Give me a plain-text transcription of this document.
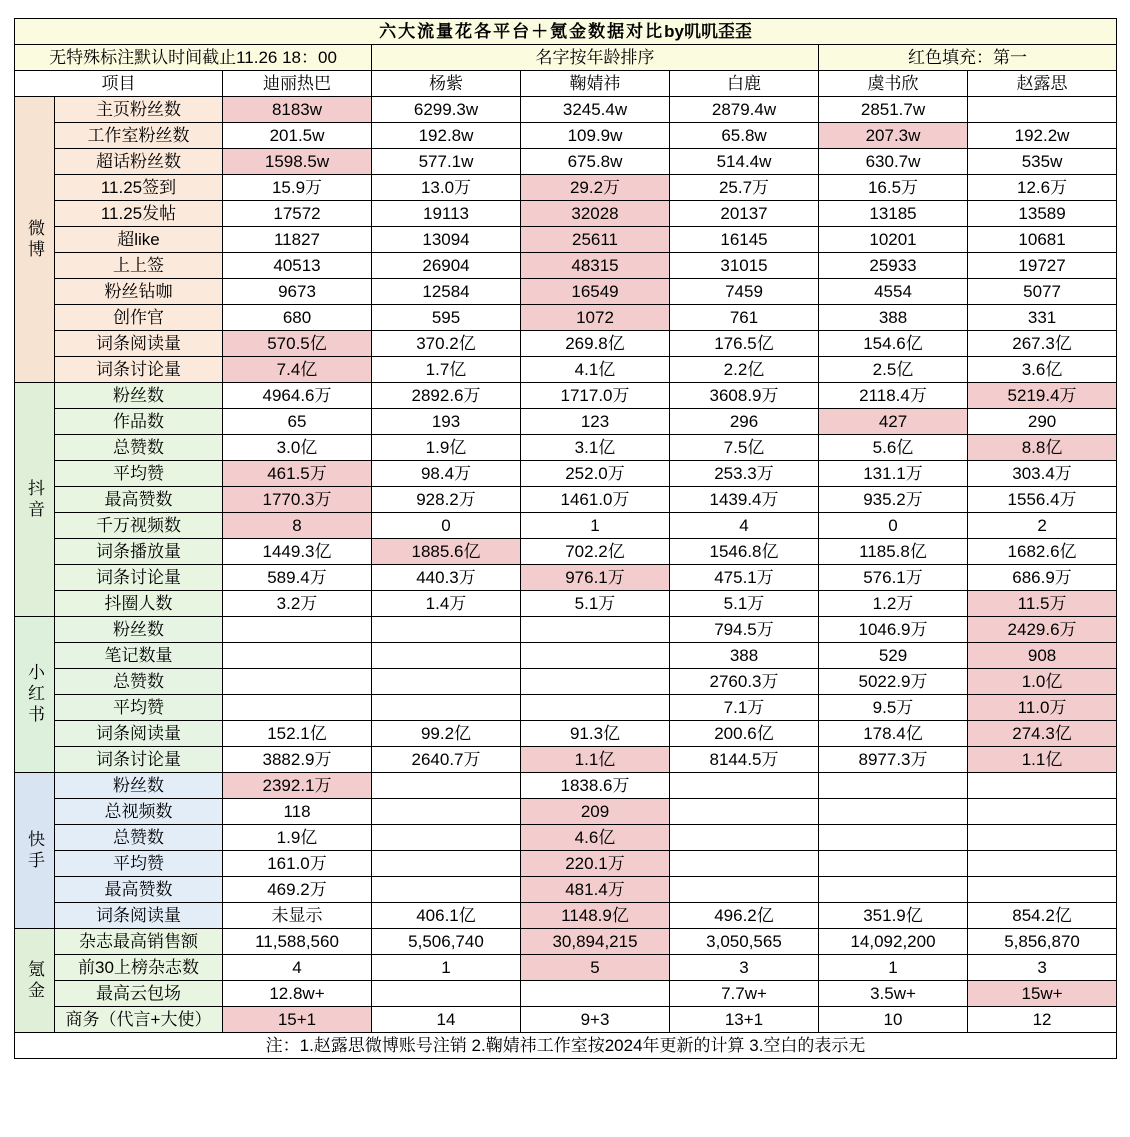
六大流量花各平台＋氪金数据对比by叽叽歪歪							
无特殊标注默认时间截止11.26 18：00			名字按年龄排序			红色填充：第一	
项目		迪丽热巴	杨紫	鞠婧祎	白鹿	虞书欣	赵露思
微博	主页粉丝数	8183w	6299.3w	3245.4w	2879.4w	2851.7w	
	工作室粉丝数	201.5w	192.8w	109.9w	65.8w	207.3w	192.2w
	超话粉丝数	1598.5w	577.1w	675.8w	514.4w	630.7w	535w
	11.25签到	15.9万	13.0万	29.2万	25.7万	16.5万	12.6万
	11.25发帖	17572	19113	32028	20137	13185	13589
	超like	11827	13094	25611	16145	10201	10681
	上上签	40513	26904	48315	31015	25933	19727
	粉丝钻咖	9673	12584	16549	7459	4554	5077
	创作官	680	595	1072	761	388	331
	词条阅读量	570.5亿	370.2亿	269.8亿	176.5亿	154.6亿	267.3亿
	词条讨论量	7.4亿	1.7亿	4.1亿	2.2亿	2.5亿	3.6亿
抖音	粉丝数	4964.6万	2892.6万	1717.0万	3608.9万	2118.4万	5219.4万
	作品数	65	193	123	296	427	290
	总赞数	3.0亿	1.9亿	3.1亿	7.5亿	5.6亿	8.8亿
	平均赞	461.5万	98.4万	252.0万	253.3万	131.1万	303.4万
	最高赞数	1770.3万	928.2万	1461.0万	1439.4万	935.2万	1556.4万
	千万视频数	8	0	1	4	0	2
	词条播放量	1449.3亿	1885.6亿	702.2亿	1546.8亿	1185.8亿	1682.6亿
	词条讨论量	589.4万	440.3万	976.1万	475.1万	576.1万	686.9万
	抖圈人数	3.2万	1.4万	5.1万	5.1万	1.2万	11.5万
小红书	粉丝数				794.5万	1046.9万	2429.6万
	笔记数量				388	529	908
	总赞数				2760.3万	5022.9万	1.0亿
	平均赞				7.1万	9.5万	11.0万
	词条阅读量	152.1亿	99.2亿	91.3亿	200.6亿	178.4亿	274.3亿
	词条讨论量	3882.9万	2640.7万	1.1亿	8144.5万	8977.3万	1.1亿
快手	粉丝数	2392.1万		1838.6万			
	总视频数	118		209			
	总赞数	1.9亿		4.6亿			
	平均赞	161.0万		220.1万			
	最高赞数	469.2万		481.4万			
	词条阅读量	未显示	406.1亿	1148.9亿	496.2亿	351.9亿	854.2亿
氪金	杂志最高销售额	11,588,560	5,506,740	30,894,215	3,050,565	14,092,200	5,856,870
	前30上榜杂志数	4	1	5	3	1	3
	最高云包场	12.8w+			7.7w+	3.5w+	15w+
	商务（代言+大使）	15+1	14	9+3	13+1	10	12
注：1.赵露思微博账号注销 2.鞠婧祎工作室按2024年更新的计算 3.空白的表示无							
